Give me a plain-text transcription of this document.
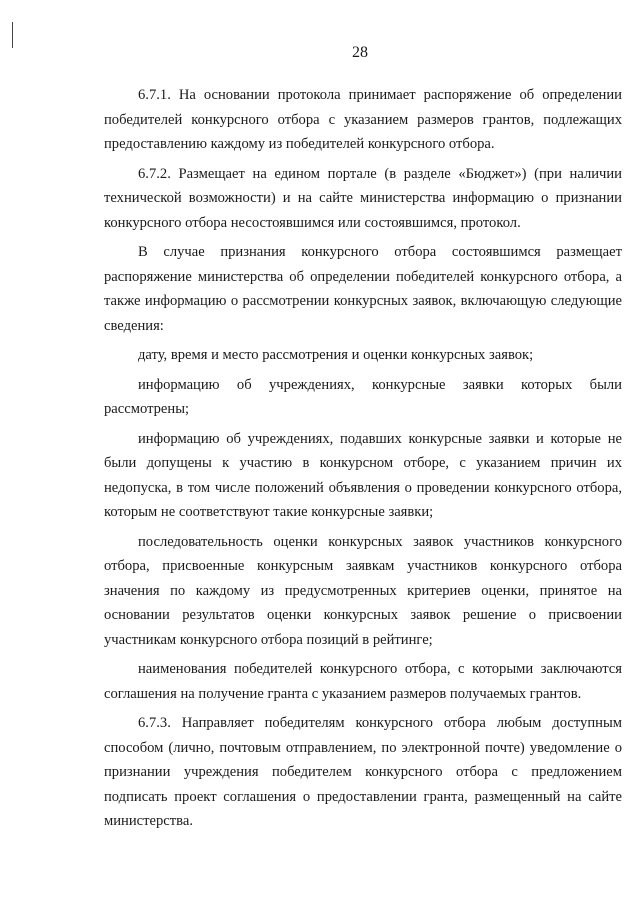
28

6.7.1. На основании протокола принимает распоряжение об определении победителей конкурсного отбора с указанием размеров грантов, подлежащих предоставлению каждому из победителей конкурсного отбора.

6.7.2. Размещает на едином портале (в разделе «Бюджет») (при наличии технической возможности) и на сайте министерства информацию о признании конкурсного отбора несостоявшимся или состоявшимся, протокол.

В случае признания конкурсного отбора состоявшимся размещает распоряжение министерства об определении победителей конкурсного отбора, а также информацию о рассмотрении конкурсных заявок, включающую следующие сведения:

дату, время и место рассмотрения и оценки конкурсных заявок;

информацию об учреждениях, конкурсные заявки которых были рассмотрены;

информацию об учреждениях, подавших конкурсные заявки и которые не были допущены к участию в конкурсном отборе, с указанием причин их недопуска, в том числе положений объявления о проведении конкурсного отбора, которым не соответствуют такие конкурсные заявки;

последовательность оценки конкурсных заявок участников конкурсного отбора, присвоенные конкурсным заявкам участников конкурсного отбора значения по каждому из предусмотренных критериев оценки, принятое на основании результатов оценки конкурсных заявок решение о присвоении участникам конкурсного отбора позиций в рейтинге;

наименования победителей конкурсного отбора, с которыми заключаются соглашения на получение гранта с указанием размеров получаемых грантов.

6.7.3. Направляет победителям конкурсного отбора любым доступным способом (лично, почтовым отправлением, по электронной почте) уведомление о признании учреждения победителем конкурсного отбора с предложением подписать проект соглашения о предоставлении гранта, размещенный на сайте министерства.
